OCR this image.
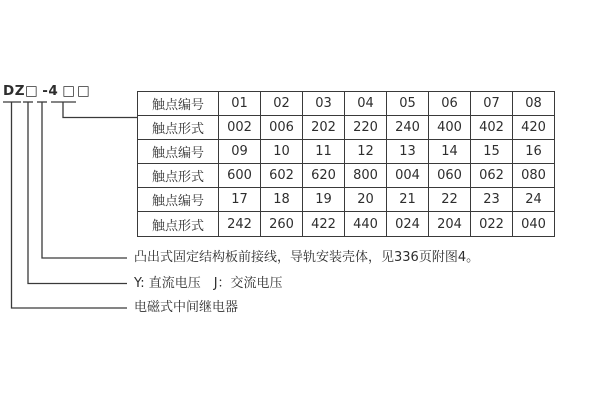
DZ□ -4 □□
触点编号	01	02	03	04	05	06	07	08
触点形式	002	006	202	220	240	400	402	420
触点编号	09	10	11	12	13	14	15	16
触点形式	600	602	620	800	004	060	062	080
触点编号	17	18	19	20	21	22	23	24
触点形式	242	260	422	440	024	204	022	040
凸出式固定结构板前接线，导轨安装壳体，见336页附图4。
Y: 直流电压　J：交流电压
电磁式中间继电器
